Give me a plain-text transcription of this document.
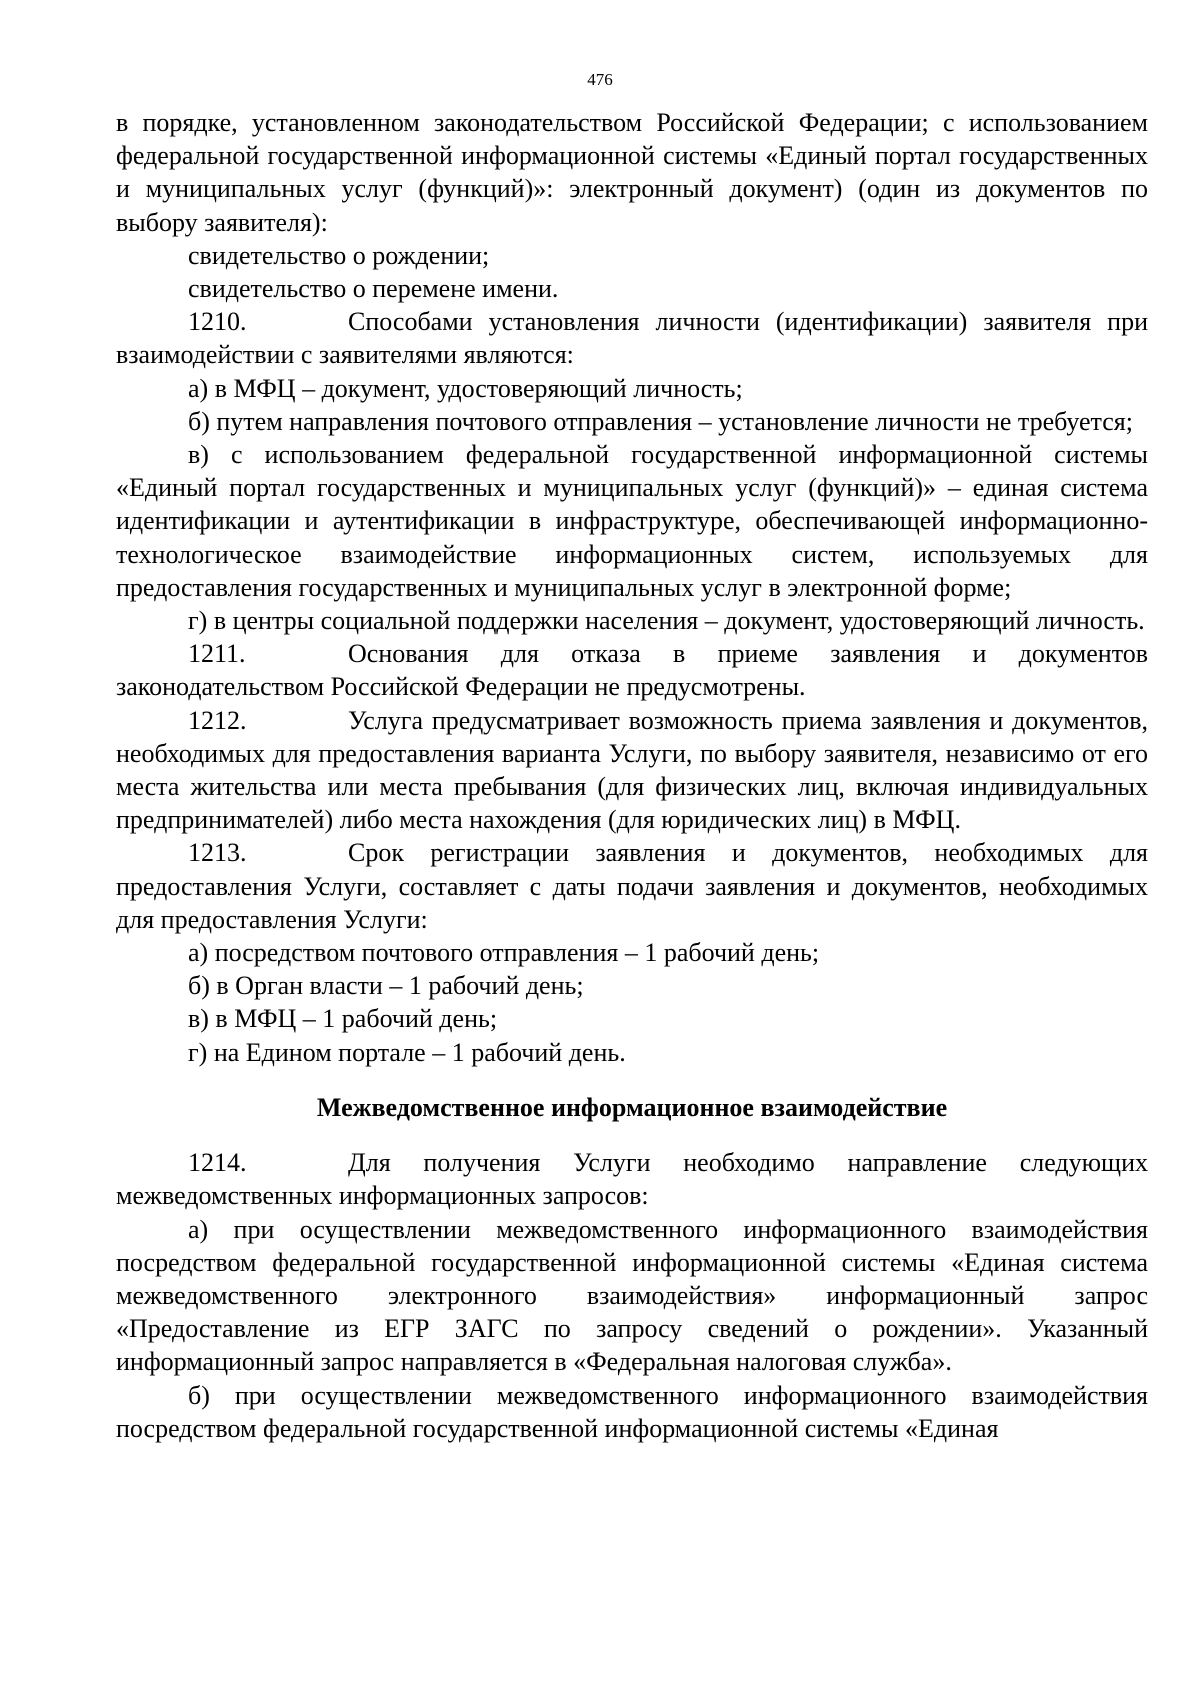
476

в порядке, установленном законодательством Российской Федерации; с использованием федеральной государственной информационной системы «Единый портал государственных и муниципальных услуг (функций)»: электронный документ) (один из документов по выбору заявителя):

свидетельство о рождении;

свидетельство о перемене имени.

1210.	Способами установления личности (идентификации) заявителя при взаимодействии с заявителями являются:

а) в МФЦ – документ, удостоверяющий личность;

б) путем направления почтового отправления – установление личности не требуется;

в) с использованием федеральной государственной информационной системы «Единый портал государственных и муниципальных услуг (функций)» – единая система идентификации и аутентификации в инфраструктуре, обеспечивающей информационно-технологическое взаимодействие информационных систем, используемых для предоставления государственных и муниципальных услуг в электронной форме;

г) в центры социальной поддержки населения – документ, удостоверяющий личность.

1211.	Основания для отказа в приеме заявления и документов законодательством Российской Федерации не предусмотрены.

1212.	Услуга предусматривает возможность приема заявления и документов, необходимых для предоставления варианта Услуги, по выбору заявителя, независимо от его места жительства или места пребывания (для физических лиц, включая индивидуальных предпринимателей) либо места нахождения (для юридических лиц) в МФЦ.

1213.	Срок регистрации заявления и документов, необходимых для предоставления Услуги, составляет с даты подачи заявления и документов, необходимых для предоставления Услуги:

а) посредством почтового отправления – 1 рабочий день;

б) в Орган власти – 1 рабочий день;

в) в МФЦ – 1 рабочий день;

г) на Едином портале – 1 рабочий день.

Межведомственное информационное взаимодействие

1214.	Для получения Услуги необходимо направление следующих межведомственных информационных запросов:

а) при осуществлении межведомственного информационного взаимодействия посредством федеральной государственной информационной системы «Единая система межведомственного электронного взаимодействия» информационный запрос «Предоставление из ЕГР ЗАГС по запросу сведений о рождении». Указанный информационный запрос направляется в «Федеральная налоговая служба».

б) при осуществлении межведомственного информационного взаимодействия посредством федеральной государственной информационной системы «Единая
